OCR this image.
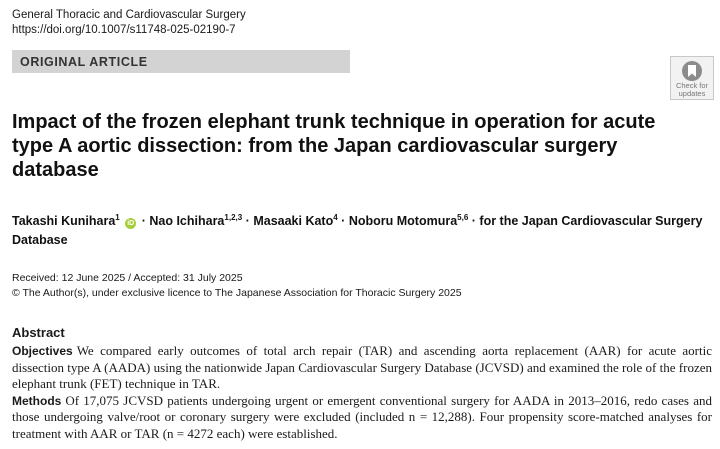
General Thoracic and Cardiovascular Surgery
https://doi.org/10.1007/s11748-025-02190-7
ORIGINAL ARTICLE
Check for
updates
Impact of the frozen elephant trunk technique in operation for acute type A aortic dissection: from the Japan cardiovascular surgery database
Takashi Kunihara$^1$ iD · Nao Ichihara$^{1,2,3}$ · Masaaki Kato$^4$ · Noboru Motomura$^{5,6}$ · for the Japan Cardiovascular Surgery Database
Received: 12 June 2025 / Accepted: 31 July 2025
© The Author(s), under exclusive licence to The Japanese Association for Thoracic Surgery 2025
Abstract

Objectives We compared early outcomes of total arch repair (TAR) and ascending aorta replacement (AAR) for acute aortic dissection type A (AADA) using the nationwide Japan Cardiovascular Surgery Database (JCVSD) and examined the role of the frozen elephant trunk (FET) technique in TAR.

Methods Of 17,075 JCVSD patients undergoing urgent or emergent conventional surgery for AADA in 2013–2016, redo cases and those undergoing valve/root or coronary surgery were excluded (included n = 12,288). Four propensity score-matched analyses for treatment with AAR or TAR (n = 4272 each) were established.
